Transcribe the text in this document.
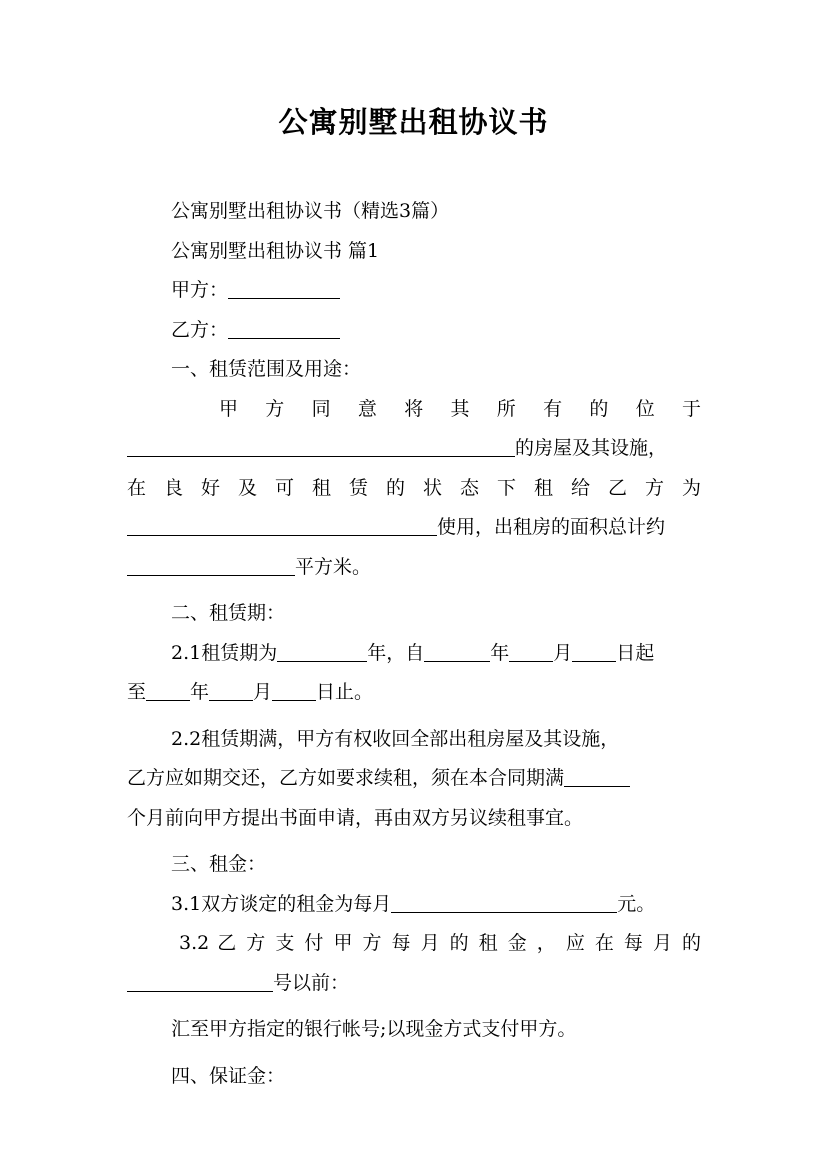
公寓别墅出租协议书

公寓别墅出租协议书（精选3篇）

公寓别墅出租协议书 篇1

甲方：

乙方：

一、租赁范围及用途：

甲 方 同 意 将 其 所 有 的 位 于

的房屋及其设施，

在 良 好 及 可 租 赁 的 状 态 下 租 给 乙 方 为

使用，出租房的面积总计约

平方米。

二、租赁期：

2.1租赁期为	年，自	年 月 日起

至 年 月 日止。

2.2租赁期满，甲方有权收回全部出租房屋及其设施，

乙方应如期交还，乙方如要求续租，须在本合同期满

个月前向甲方提出书面申请，再由双方另议续租事宜。

三、租金：

3.1双方谈定的租金为每月	元。

3.2 乙 方 支 付 甲 方 每 月 的 租 金 ， 应 在 每 月 的

号以前：

汇至甲方指定的银行帐号;以现金方式支付甲方。

四、保证金：
